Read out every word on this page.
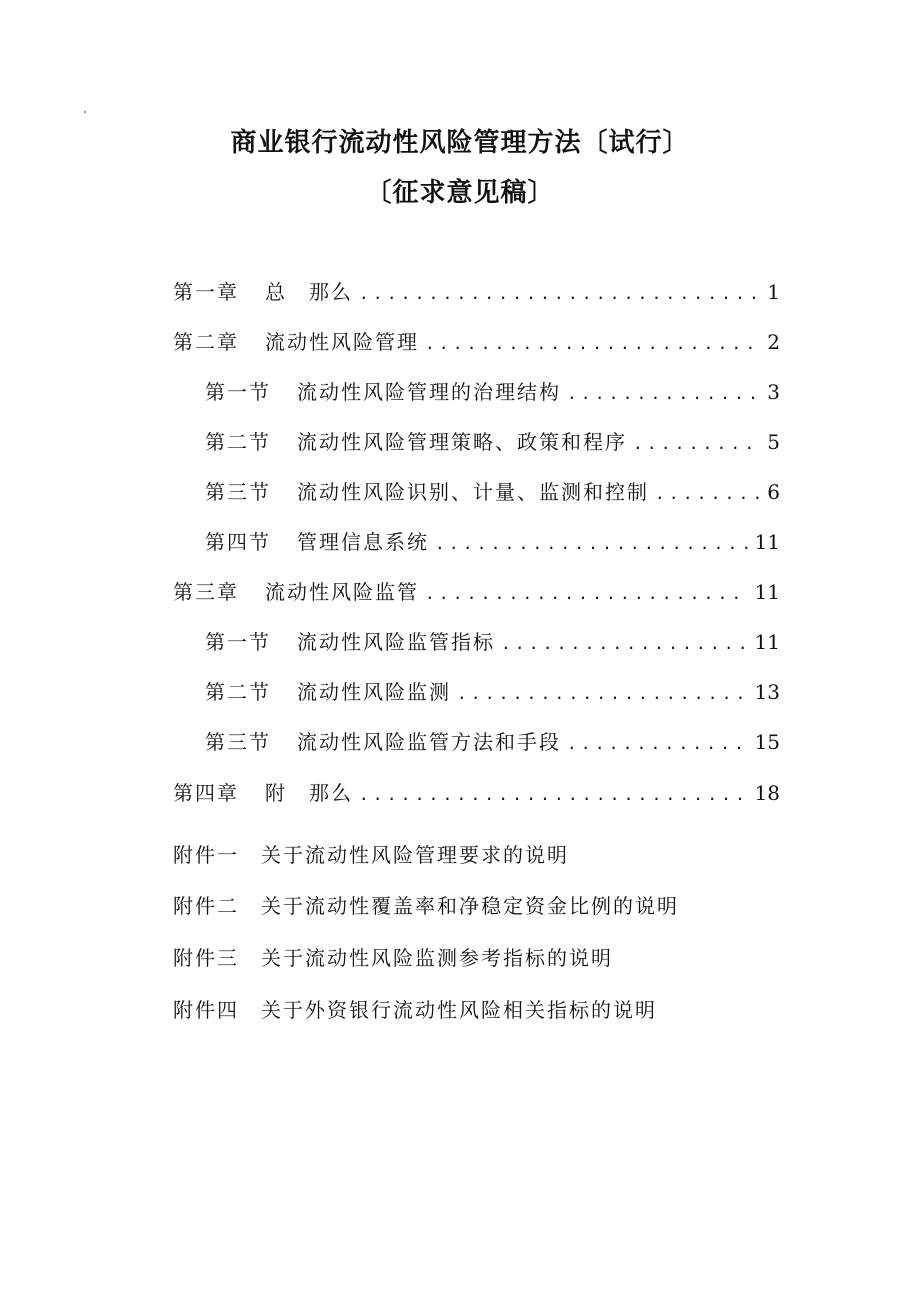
商业银行流动性风险管理方法〔试行〕
〔征求意见稿〕
第一章 总　那么 .....	1
第二章 流动性风险管理 .....	2
第一节 流动性风险管理的治理结构 .....	3
第二节 流动性风险管理策略、政策和程序 .....	5
第三节 流动性风险识别、计量、监测和控制 .....	6
第四节 管理信息系统 .....	11
第三章 流动性风险监管 .....	11
第一节 流动性风险监管指标 .....	11
第二节 流动性风险监测 .....	13
第三节 流动性风险监管方法和手段 .....	15
第四章 附　那么 .....	18
附件一 关于流动性风险管理要求的说明
附件二 关于流动性覆盖率和净稳定资金比例的说明
附件三 关于流动性风险监测参考指标的说明
附件四 关于外资银行流动性风险相关指标的说明
